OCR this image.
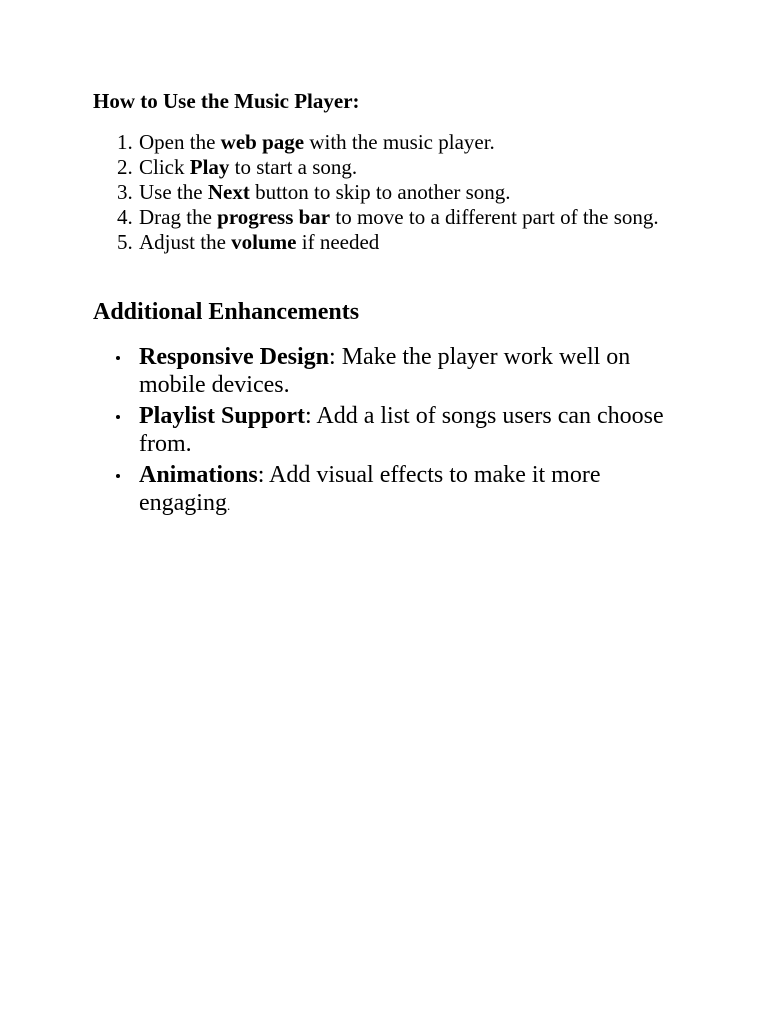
How to Use the Music Player:
1. Open the web page with the music player.
2. Click Play to start a song.
3. Use the Next button to skip to another song.
4. Drag the progress bar to move to a different part of the song.
5. Adjust the volume if needed
Additional Enhancements
Responsive Design: Make the player work well on mobile devices.
Playlist Support: Add a list of songs users can choose from.
Animations: Add visual effects to make it more engaging.
